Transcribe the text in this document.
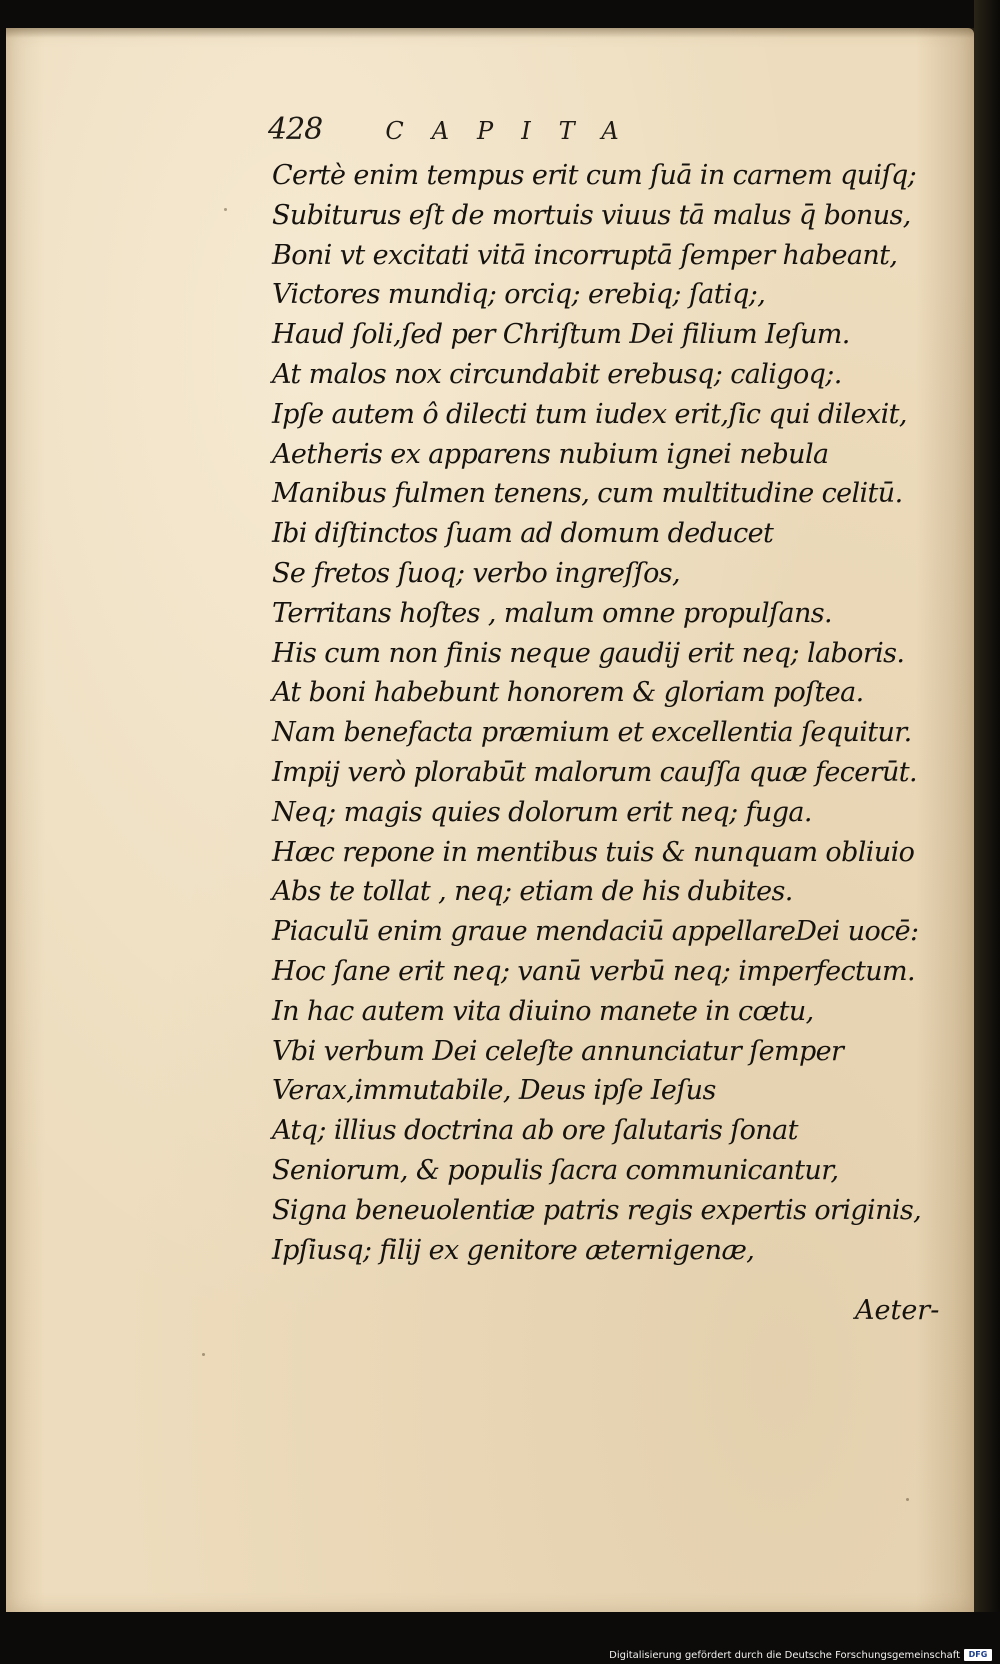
428	CAPITA
Certè enim tempus erit cum ſuā in carnem quiſq;
Subiturus eſt de mortuis viuus tā malus q̄ bonus,
Boni vt excitati vitā incorruptā ſemper habeant,
Victores mundiq; orciq; erebiq; ſatiq;,
Haud ſoli,ſed per Chriſtum Dei filium Ieſum.
At malos nox circundabit erebusq; caligoq;.
Ipſe autem ô dilecti tum iudex erit,ſic qui dilexit,
Aetheris ex apparens nubium ignei nebula
Manibus fulmen tenens, cum multitudine celitū.
Ibi diſtinctos ſuam ad domum deducet
Se fretos ſuoq; verbo ingreſſos,
Territans hoſtes , malum omne propulſans.
His cum non finis neque gaudij erit neq; laboris.
At boni habebunt honorem & gloriam poſtea.
Nam benefacta præmium et excellentia ſequitur.
Impij verò plorabūt malorum cauſſa quæ fecerūt.
Neq; magis quies dolorum erit neq; fuga.
Hæc repone in mentibus tuis & nunquam obliuio
Abs te tollat , neq; etiam de his dubites.
Piaculū enim graue mendaciū appellareDei uocē:
Hoc ſane erit neq; vanū verbū neq; imperfectum.
In hac autem vita diuino manete in cœtu,
Vbi verbum Dei celeſte annunciatur ſemper
Verax,immutabile, Deus ipſe Ieſus
Atq; illius doctrina ab ore ſalutaris ſonat
Seniorum, & populis ſacra communicantur,
Signa beneuolentiæ patris regis expertis originis,
Ipſiusq; filij ex genitore æternigenæ,
Aeter-
Digitalisierung gefördert durch die Deutsche Forschungsgemeinschaft	DFG
